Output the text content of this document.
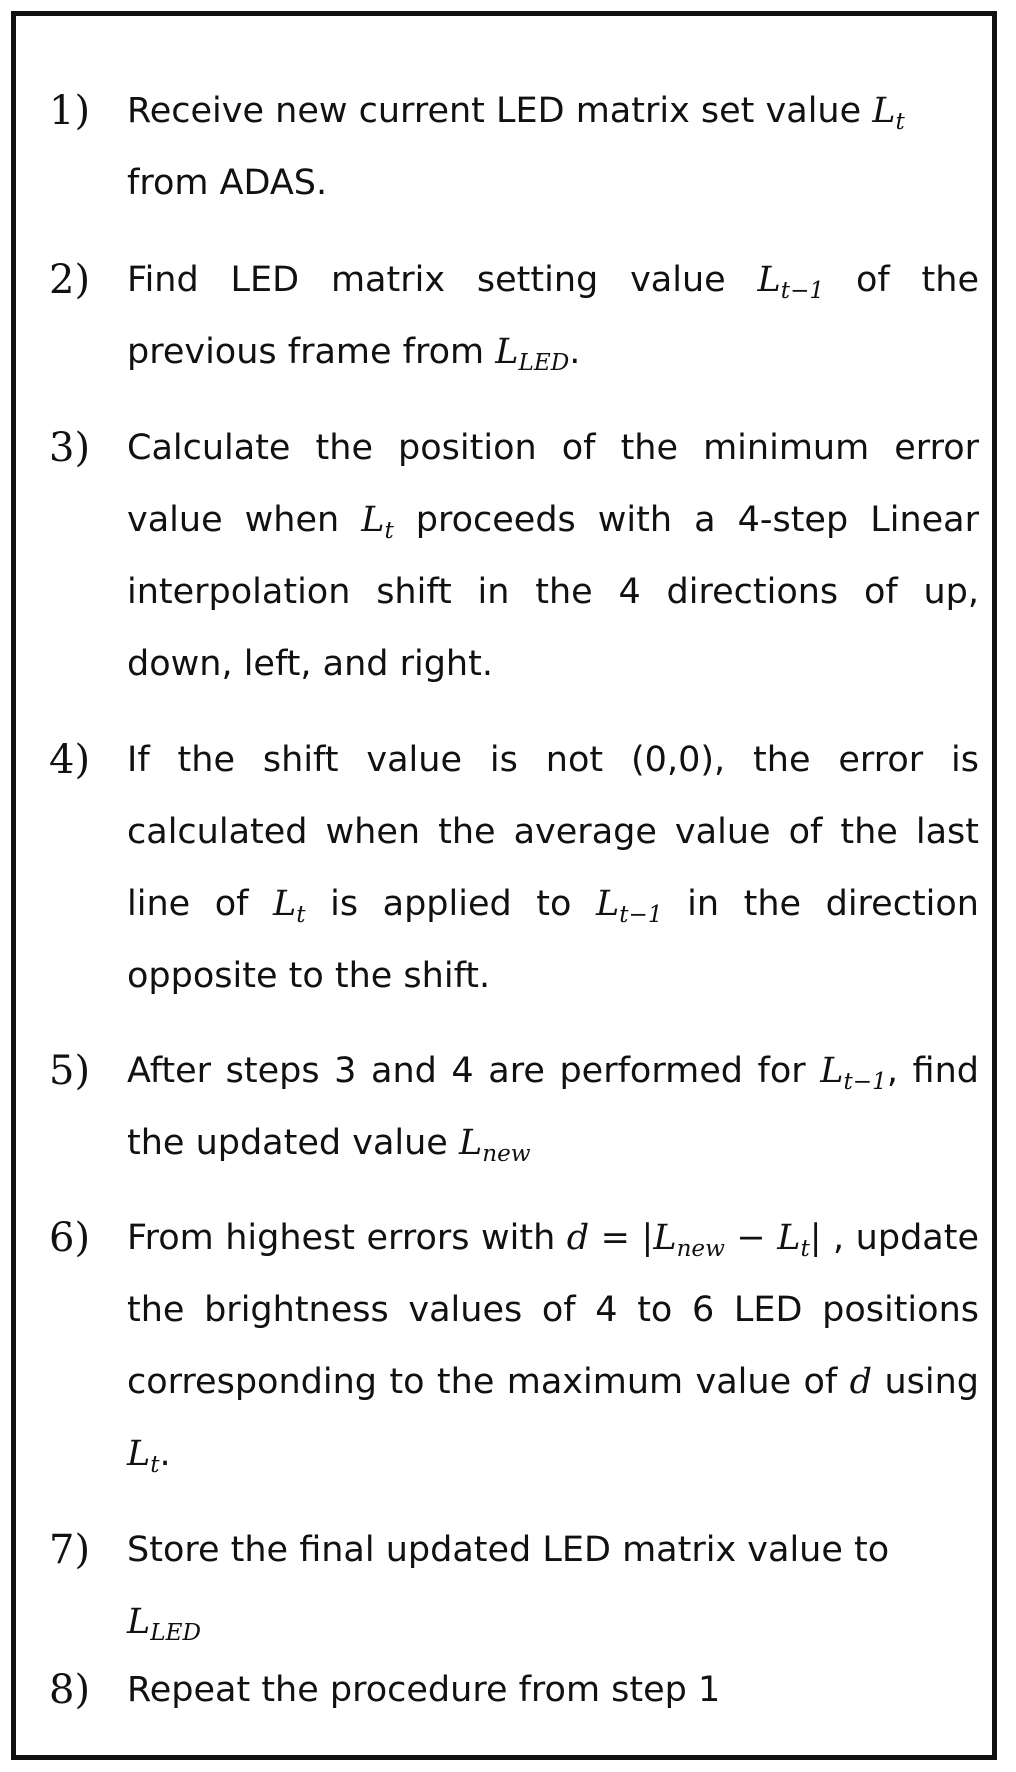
1) Receive new current LED matrix set value $L_t$
from ADAS.
2) Find LED matrix setting value $L_{t-1}$ of the previous frame from $L_{LED}$.
3) Calculate the position of the minimum error value when $L_t$ proceeds with a 4-step Linear interpolation shift in the 4 directions of up, down, left, and right.
4) If the shift value is not (0,0), the error is calculated when the average value of the last line of $L_t$ is applied to $L_{t-1}$ in the direction opposite to the shift.
5) After steps 3 and 4 are performed for $L_{t-1}$, find the updated value $L_{new}$
6) From highest errors with $d = |L_{new} - L_t|$ , update the brightness values of 4 to 6 LED positions corresponding to the maximum value of d using $L_t$.
7) Store the final updated LED matrix value to
$L_{LED}$
8) Repeat the procedure from step 1
